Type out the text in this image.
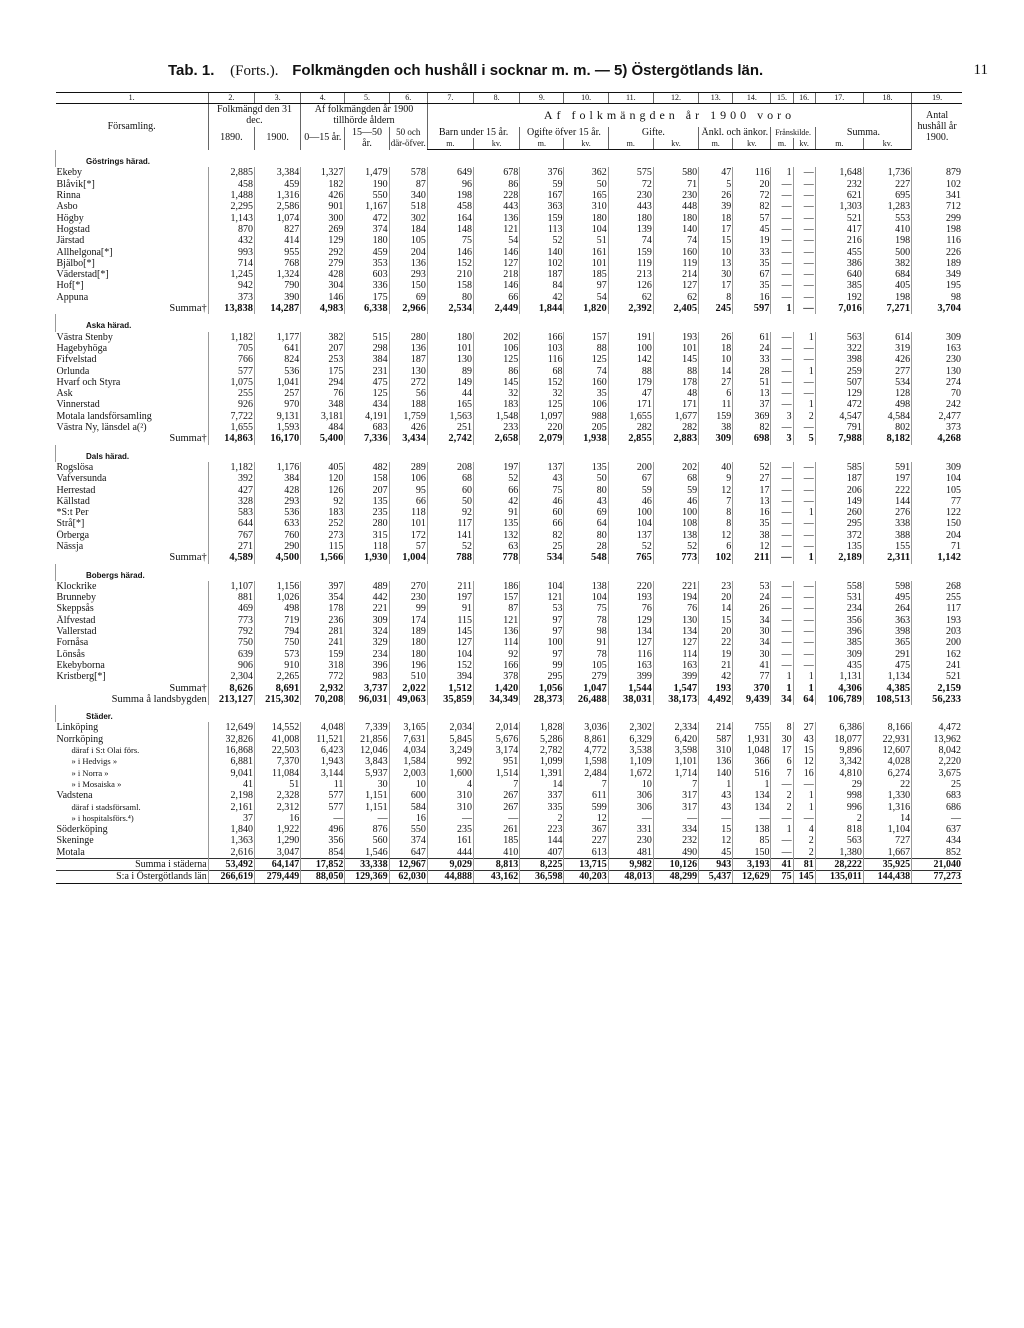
Tab. 1. (Forts.). Folkmängden och hushåll i socknar m. m. — 5) Östergötlands län.	11
1.	2.	3.	4.	5.	6.	7.	8.	9.	10.	11.	12.	13.	14.	15.	16.	17.	18.	19.
Församling.	Folkmängd den 31 dec.		Af folkmängden år 1900 tillhörde åldern			Af folkmängden år 1900 voro												Antal hushåll år 1900.
	1890.	1900.	0—15 år.	15—50 år.	50 och där-öfver.	Barn under 15 år.		Ogifte öfver 15 år.		Gifte.		Änkl. och änkor.		Frånskilde.		Summa.		
						m.	kv.	m.	kv.	m.	kv.	m.	kv.	m.	kv.	m.	kv.	
Göstrings härad.																		
Ekeby	2,885	3,384	1,327	1,479	578	649	678	376	362	575	580	47	116	1	—	1,648	1,736	879
Blåvik[*]	458	459	182	190	87	96	86	59	50	72	71	5	20	—	—	232	227	102
Rinna	1,488	1,316	426	550	340	198	228	167	165	230	230	26	72	—	—	621	695	341
Asbo	2,295	2,586	901	1,167	518	458	443	363	310	443	448	39	82	—	—	1,303	1,283	712
Högby	1,143	1,074	300	472	302	164	136	159	180	180	180	18	57	—	—	521	553	299
Hogstad	870	827	269	374	184	148	121	113	104	139	140	17	45	—	—	417	410	198
Järstad	432	414	129	180	105	75	54	52	51	74	74	15	19	—	—	216	198	116
Allhelgona[*]	993	955	292	459	204	146	146	140	161	159	160	10	33	—	—	455	500	226
Bjälbo[*]	714	768	279	353	136	152	127	102	101	119	119	13	35	—	—	386	382	189
Väderstad[*]	1,245	1,324	428	603	293	210	218	187	185	213	214	30	67	—	—	640	684	349
Hof[*]	942	790	304	336	150	158	146	84	97	126	127	17	35	—	—	385	405	195
Appuna	373	390	146	175	69	80	66	42	54	62	62	8	16	—	—	192	198	98
Summa†	13,838	14,287	4,983	6,338	2,966	2,534	2,449	1,844	1,820	2,392	2,405	245	597	1	—	7,016	7,271	3,704
Aska härad.																		
Västra Stenby	1,182	1,177	382	515	280	180	202	166	157	191	193	26	61	—	1	563	614	309
Hagebyhöga	705	641	207	298	136	101	106	103	88	100	101	18	24	—	—	322	319	163
Fifvelstad	766	824	253	384	187	130	125	116	125	142	145	10	33	—	—	398	426	230
Orlunda	577	536	175	231	130	89	86	68	74	88	88	14	28	—	1	259	277	130
Hvarf och Styra	1,075	1,041	294	475	272	149	145	152	160	179	178	27	51	—	—	507	534	274
Ask	255	257	76	125	56	44	32	32	35	47	48	6	13	—	—	129	128	70
Vinnerstad	926	970	348	434	188	165	183	125	106	171	171	11	37	—	1	472	498	242
Motala landsförsamling	7,722	9,131	3,181	4,191	1,759	1,563	1,548	1,097	988	1,655	1,677	159	369	3	2	4,547	4,584	2,477
Västra Ny, länsdel a(²)	1,655	1,593	484	683	426	251	233	220	205	282	282	38	82	—	—	791	802	373
Summa†	14,863	16,170	5,400	7,336	3,434	2,742	2,658	2,079	1,938	2,855	2,883	309	698	3	5	7,988	8,182	4,268
Dals härad.																		
Rogslösa	1,182	1,176	405	482	289	208	197	137	135	200	202	40	52	—	—	585	591	309
Vafversunda	392	384	120	158	106	68	52	43	50	67	68	9	27	—	—	187	197	104
Herrestad	427	428	126	207	95	60	66	75	80	59	59	12	17	—	—	206	222	105
Källstad	328	293	92	135	66	50	42	46	43	46	46	7	13	—	—	149	144	77
*S:t Per	583	536	183	235	118	92	91	60	69	100	100	8	16	—	1	260	276	122
Strå[*]	644	633	252	280	101	117	135	66	64	104	108	8	35	—	—	295	338	150
Örberga	767	760	273	315	172	141	132	82	80	137	138	12	38	—	—	372	388	204
Nässja	271	290	115	118	57	52	63	25	28	52	52	6	12	—	—	135	155	71
Summa†	4,589	4,500	1,566	1,930	1,004	788	778	534	548	765	773	102	211	—	1	2,189	2,311	1,142
Bobergs härad.																		
Klockrike	1,107	1,156	397	489	270	211	186	104	138	220	221	23	53	—	—	558	598	268
Brunneby	881	1,026	354	442	230	197	157	121	104	193	194	20	24	—	—	531	495	255
Skeppsås	469	498	178	221	99	91	87	53	75	76	76	14	26	—	—	234	264	117
Älfvestad	773	719	236	309	174	115	121	97	78	129	130	15	34	—	—	356	363	193
Vallerstad	792	794	281	324	189	145	136	97	98	134	134	20	30	—	—	396	398	203
Fornåsa	750	750	241	329	180	127	114	100	91	127	127	22	34	—	—	385	365	200
Lönsås	639	573	159	234	180	104	92	97	78	116	114	19	30	—	—	309	291	162
Ekebyborna	906	910	318	396	196	152	166	99	105	163	163	21	41	—	—	435	475	241
Kristberg[*]	2,304	2,265	772	983	510	394	378	295	279	399	399	42	77	1	1	1,131	1,134	521
Summa†	8,626	8,691	2,932	3,737	2,022	1,512	1,420	1,056	1,047	1,544	1,547	193	370	1	1	4,306	4,385	2,159
Summa å landsbygden	213,127	215,302	70,208	96,031	49,063	35,859	34,349	28,373	26,488	38,031	38,173	4,492	9,439	34	64	106,789	108,513	56,233
Städer.																		
Linköping	12,649	14,552	4,048	7,339	3,165	2,034	2,014	1,828	3,036	2,302	2,334	214	755	8	27	6,386	8,166	4,472
Norrköping	32,826	41,008	11,521	21,856	7,631	5,845	5,676	5,286	8,861	6,329	6,420	587	1,931	30	43	18,077	22,931	13,962
däraf i S:t Olai förs.	16,868	22,503	6,423	12,046	4,034	3,249	3,174	2,782	4,772	3,538	3,598	310	1,048	17	15	9,896	12,607	8,042
» i Hedvigs »	6,881	7,370	1,943	3,843	1,584	992	951	1,099	1,598	1,109	1,101	136	366	6	12	3,342	4,028	2,220
» i Norra »	9,041	11,084	3,144	5,937	2,003	1,600	1,514	1,391	2,484	1,672	1,714	140	516	7	16	4,810	6,274	3,675
» i Mosaiska »	41	51	11	30	10	4	7	14	7	10	7	1	1	—	—	29	22	25
Vadstena	2,198	2,328	577	1,151	600	310	267	337	611	306	317	43	134	2	1	998	1,330	683
däraf i stadsförsaml.	2,161	2,312	577	1,151	584	310	267	335	599	306	317	43	134	2	1	996	1,316	686
» i hospitalsförs.⁴)	37	16	—	—	16	—	—	2	12	—	—	—	—	—	—	2	14	—
Söderköping	1,840	1,922	496	876	550	235	261	223	367	331	334	15	138	1	4	818	1,104	637
Skeninge	1,363	1,290	356	560	374	161	185	144	227	230	232	12	85	—	2	563	727	434
Motala	2,616	3,047	854	1,546	647	444	410	407	613	481	490	45	150	—	2	1,380	1,667	852
Summa i städerna	53,492	64,147	17,852	33,338	12,967	9,029	8,813	8,225	13,715	9,982	10,126	943	3,193	41	81	28,222	35,925	21,040
S:a i Östergötlands län	266,619	279,449	88,050	129,369	62,030	44,888	43,162	36,598	40,203	48,013	48,299	5,437	12,629	75	145	135,011	144,438	77,273
